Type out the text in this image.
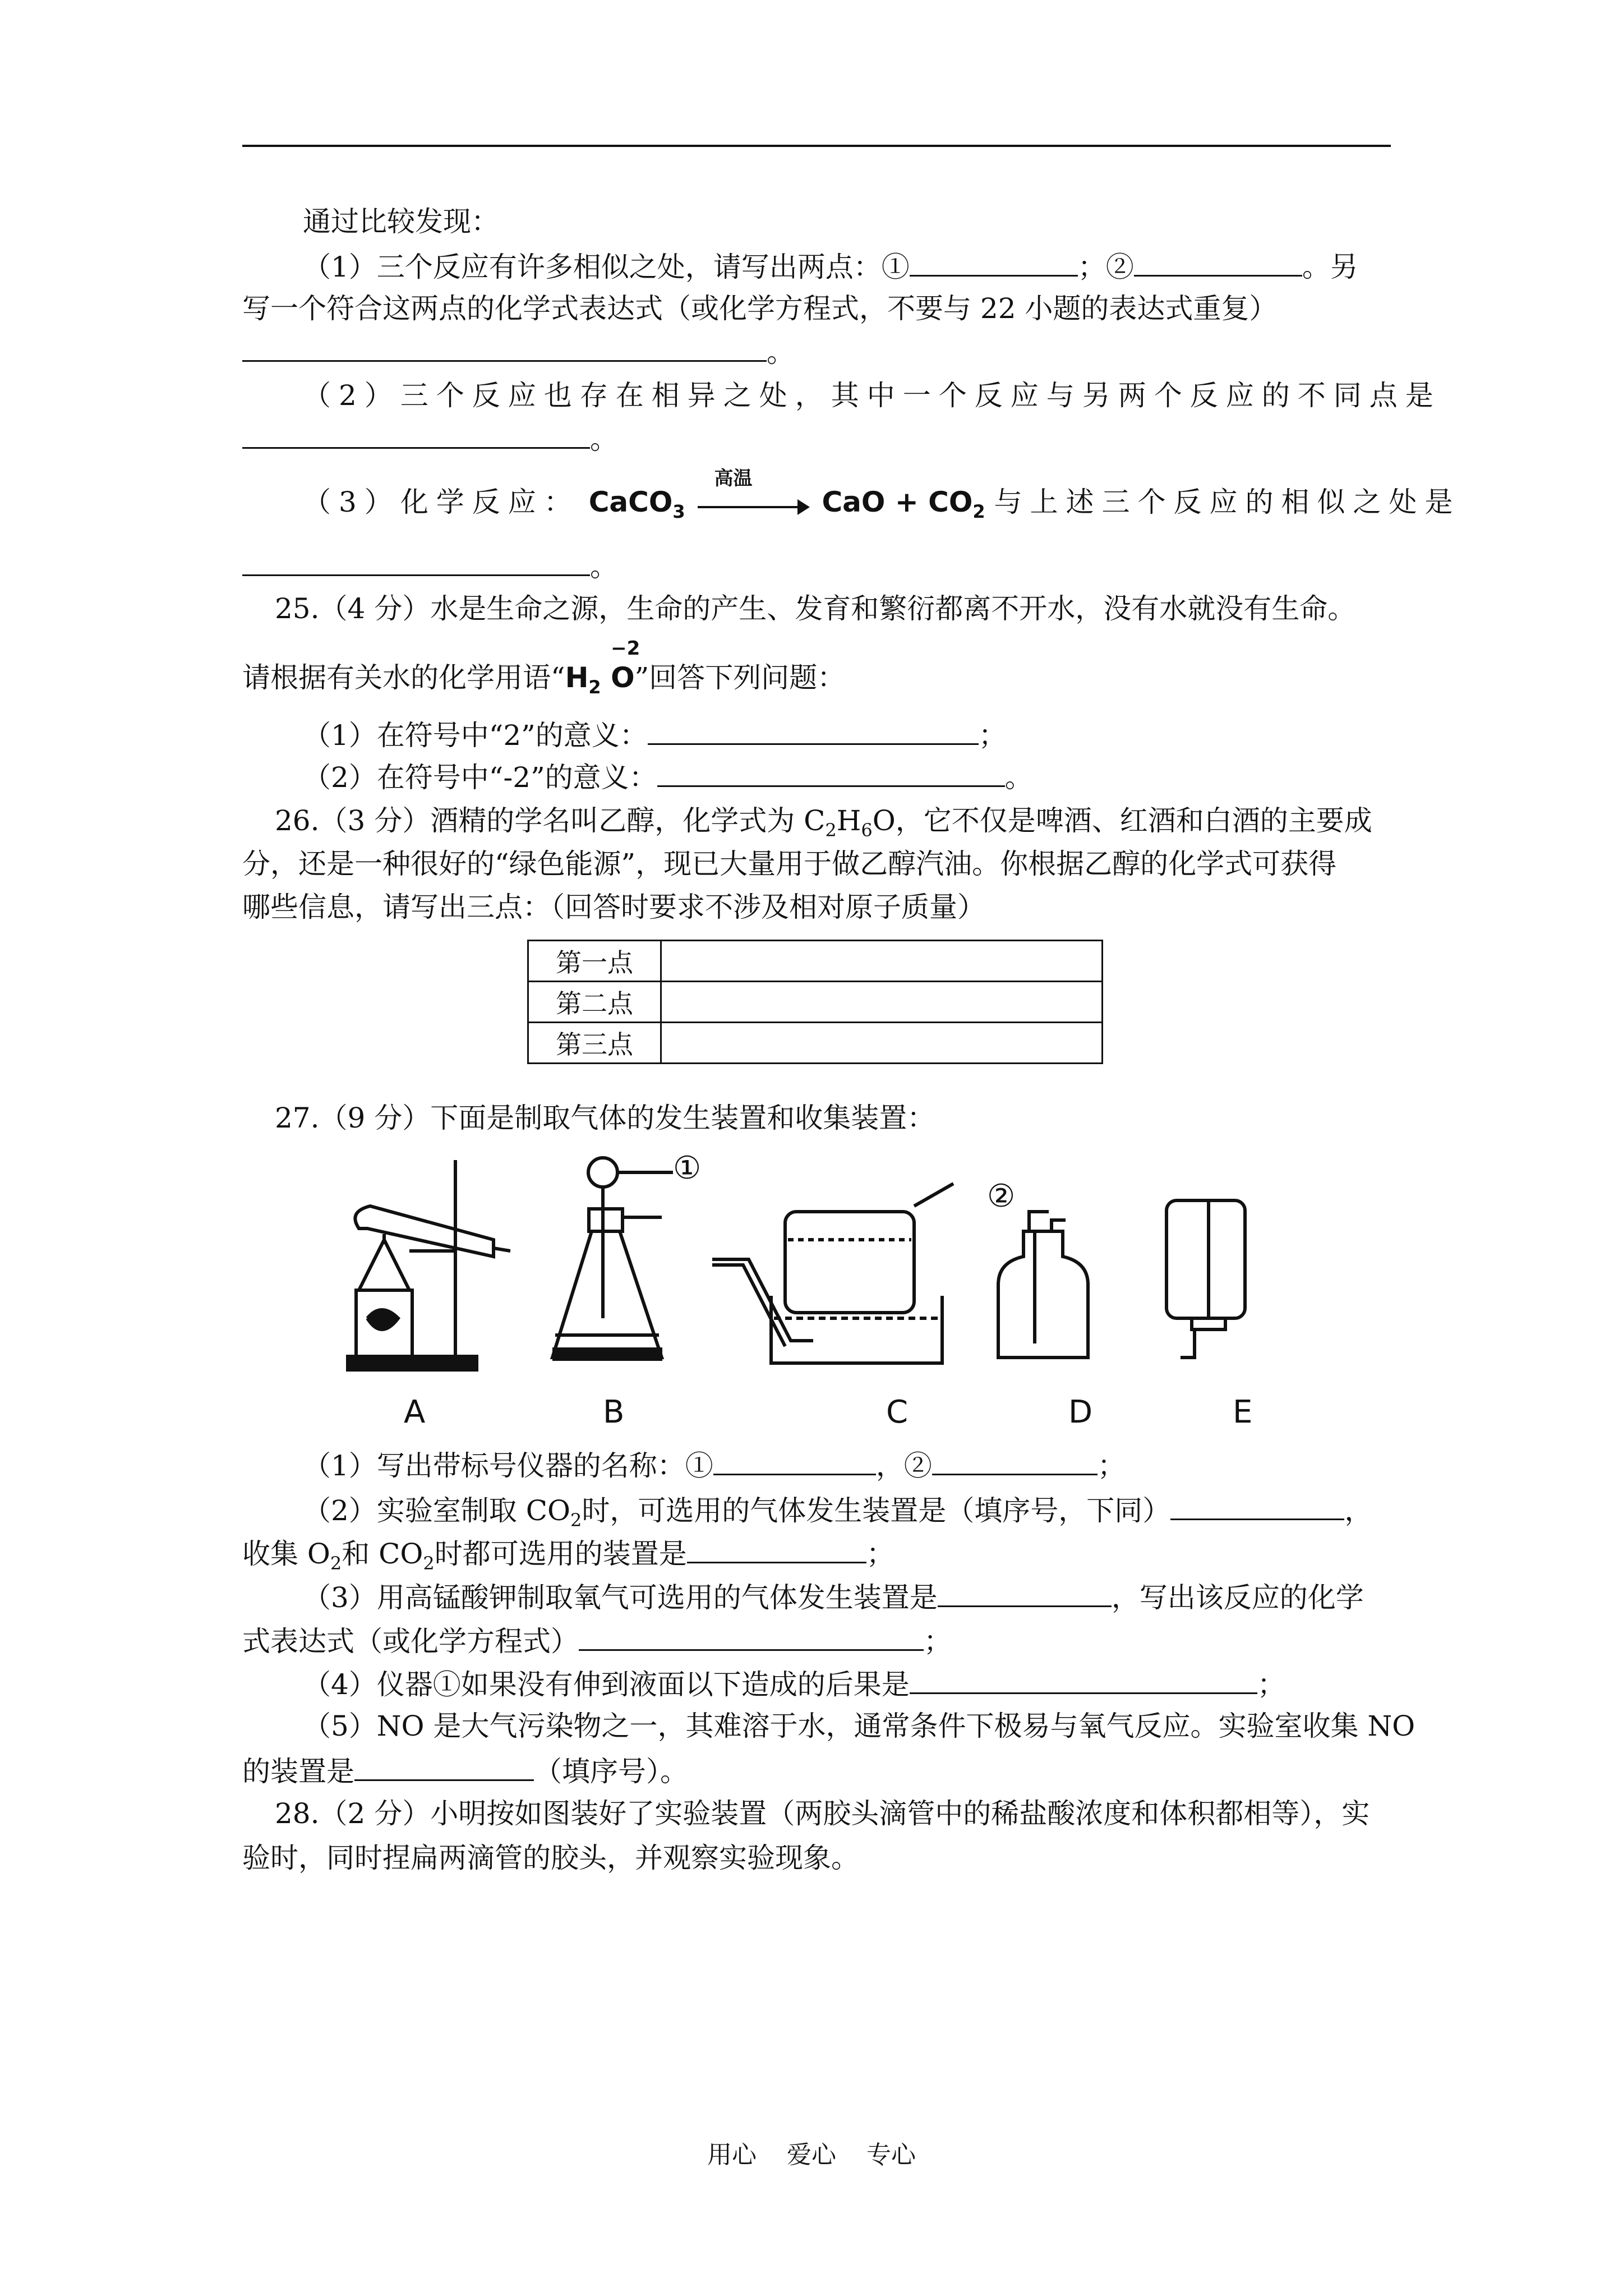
通过比较发现：
（1）三个反应有许多相似之处，请写出两点：①	；②	。另
写一个符合这两点的化学式表达式（或化学方程式，不要与 22 小题的表达式重复）
。
（2）三个反应也存在相异之处，其中一个反应与另两个反应的不同点是
。
（3）化学反应： CaCO$_3$
高温
CaO + $CO_2$ 与上述三个反应的相似之处是
。
25.（4 分）水是生命之源，生命的产生、发育和繁衍都离不开水，没有水就没有生命。
请根据有关水的化学用语“$H_2$
−2
O”回答下列问题：
（1）在符号中“2”的意义：	；
（2）在符号中“-2”的意义：	。
26.（3 分）酒精的学名叫乙醇，化学式为 $C_2H_6O$，它不仅是啤酒、红酒和白酒的主要成
分，还是一种很好的“绿色能源”，现已大量用于做乙醇汽油。你根据乙醇的化学式可获得
哪些信息，请写出三点：（回答时要求不涉及相对原子质量）
第一点	
第二点	
第三点	
27.（9 分）下面是制取气体的发生装置和收集装置：
①
②
A	B	C	D	E
（1）写出带标号仪器的名称：①	，②	；
（2）实验室制取 $CO_2$时，可选用的气体发生装置是（填序号，下同）	，
收集 $O_2$和 $CO_2$时都可选用的装置是	；
（3）用高锰酸钾制取氧气可选用的气体发生装置是	，写出该反应的化学
式表达式（或化学方程式）	；
（4）仪器①如果没有伸到液面以下造成的后果是	；
（5）NO 是大气污染物之一，其难溶于水，通常条件下极易与氧气反应。实验室收集 NO
的装置是	（填序号）。
28.（2 分）小明按如图装好了实验装置（两胶头滴管中的稀盐酸浓度和体积都相等），实
验时，同时捏扁两滴管的胶头，并观察实验现象。
用心 爱心 专心
